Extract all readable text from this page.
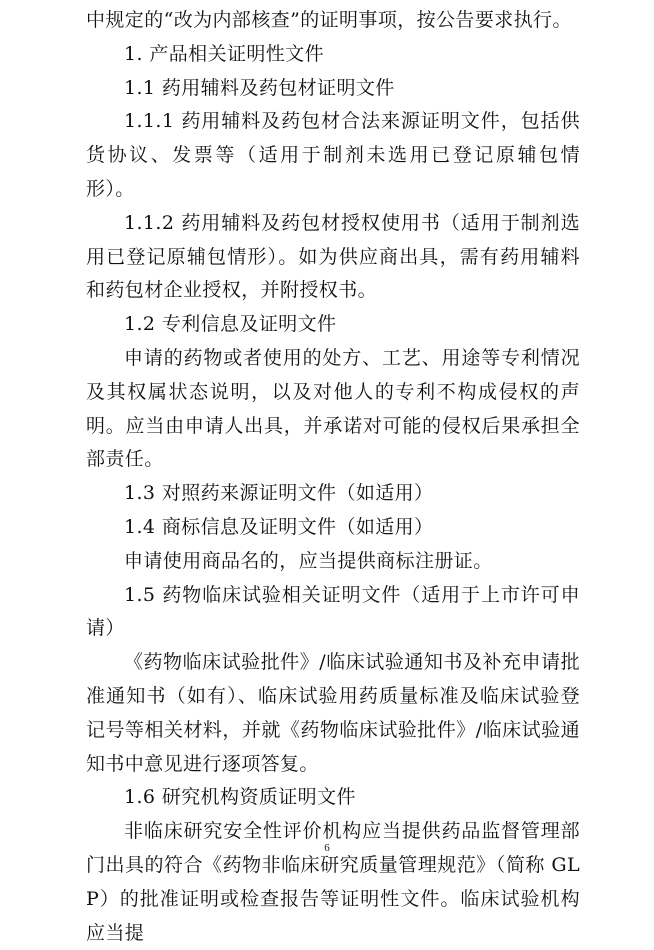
中规定的“改为内部核查”的证明事项，按公告要求执行。

1. 产品相关证明性文件

1.1 药用辅料及药包材证明文件

1.1.1 药用辅料及药包材合法来源证明文件，包括供货协议、发票等（适用于制剂未选用已登记原辅包情形）。

1.1.2 药用辅料及药包材授权使用书（适用于制剂选用已登记原辅包情形）。如为供应商出具，需有药用辅料和药包材企业授权，并附授权书。

1.2 专利信息及证明文件

申请的药物或者使用的处方、工艺、用途等专利情况及其权属状态说明，以及对他人的专利不构成侵权的声明。应当由申请人出具，并承诺对可能的侵权后果承担全部责任。

1.3 对照药来源证明文件（如适用）

1.4 商标信息及证明文件（如适用）

申请使用商品名的，应当提供商标注册证。

1.5 药物临床试验相关证明文件（适用于上市许可申请）

《药物临床试验批件》/临床试验通知书及补充申请批准通知书（如有）、临床试验用药质量标准及临床试验登记号等相关材料，并就《药物临床试验批件》/临床试验通知书中意见进行逐项答复。

1.6 研究机构资质证明文件

非临床研究安全性评价机构应当提供药品监督管理部门出具的符合《药物非临床研究质量管理规范》（简称 GLP）的批准证明或检查报告等证明性文件。临床试验机构应当提

6
